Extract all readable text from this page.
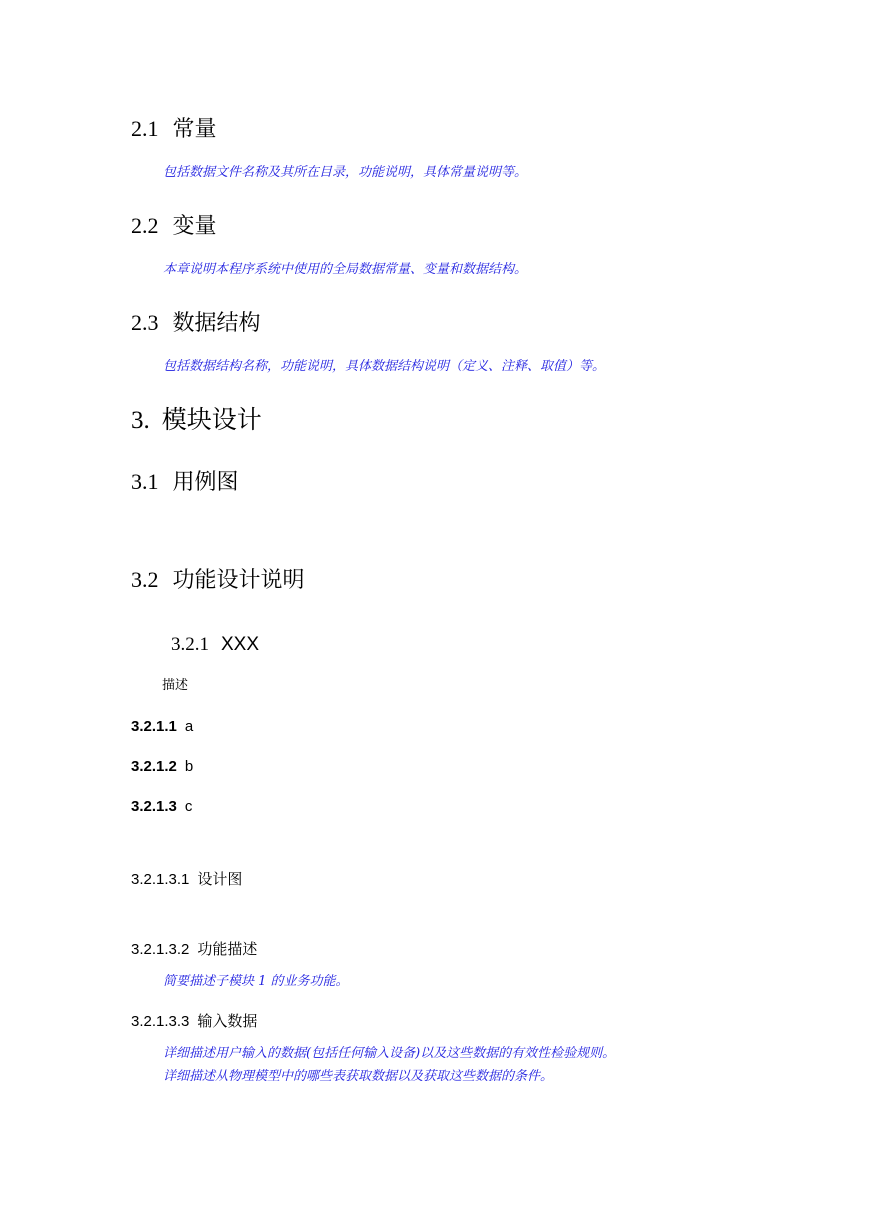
2.1 常量
包括数据文件名称及其所在目录，功能说明，具体常量说明等。
2.2 变量
本章说明本程序系统中使用的全局数据常量、变量和数据结构。
2.3 数据结构
包括数据结构名称，功能说明，具体数据结构说明（定义、注释、取值）等。
3. 模块设计
3.1 用例图
3.2 功能设计说明
3.2.1 XXX
描述
3.2.1.1 a
3.2.1.2 b
3.2.1.3 c
3.2.1.3.1 设计图
3.2.1.3.2 功能描述
简要描述子模块 1 的业务功能。
3.2.1.3.3 输入数据
详细描述用户输入的数据(包括任何输入设备)以及这些数据的有效性检验规则。
详细描述从物理模型中的哪些表获取数据以及获取这些数据的条件。
